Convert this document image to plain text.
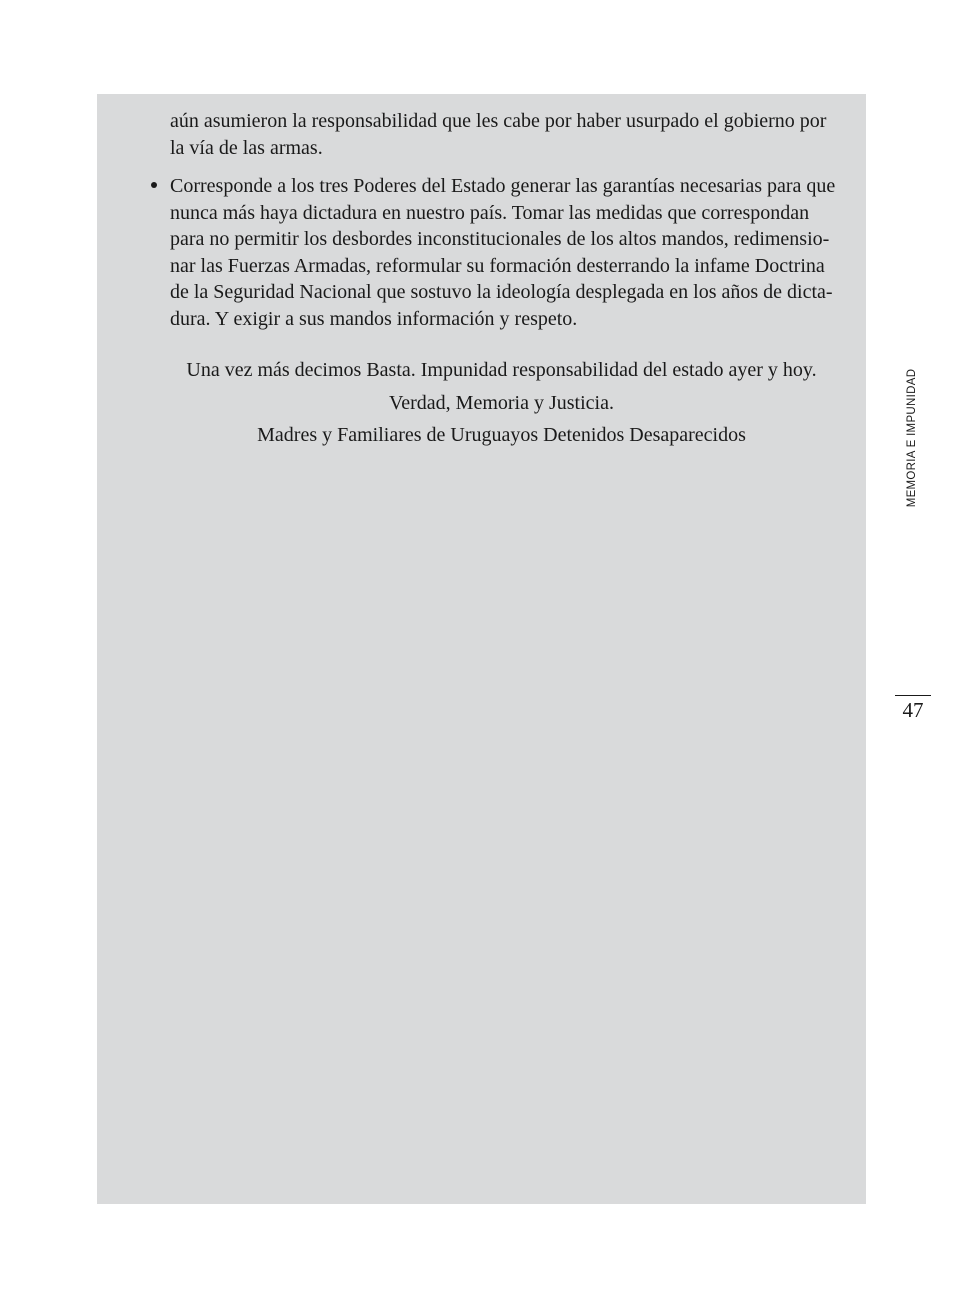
aún asumieron la responsabilidad que les cabe por haber usurpado el gobierno por
la vía de las armas.
Corresponde a los tres Poderes del Estado generar las garantías necesarias para que
nunca más haya dictadura en nuestro país. Tomar las medidas que correspondan
para no permitir los desbordes inconstitucionales de los altos mandos, redimensio-
nar las Fuerzas Armadas, reformular su formación desterrando la infame Doctrina
de la Seguridad Nacional que sostuvo la ideología desplegada en los años de dicta-
dura. Y exigir a sus mandos información y respeto.
Una vez más decimos Basta. Impunidad responsabilidad del estado ayer y hoy.
Verdad, Memoria y Justicia.
Madres y Familiares de Uruguayos Detenidos Desaparecidos	MEMORIA E IMPUNIDAD
47
